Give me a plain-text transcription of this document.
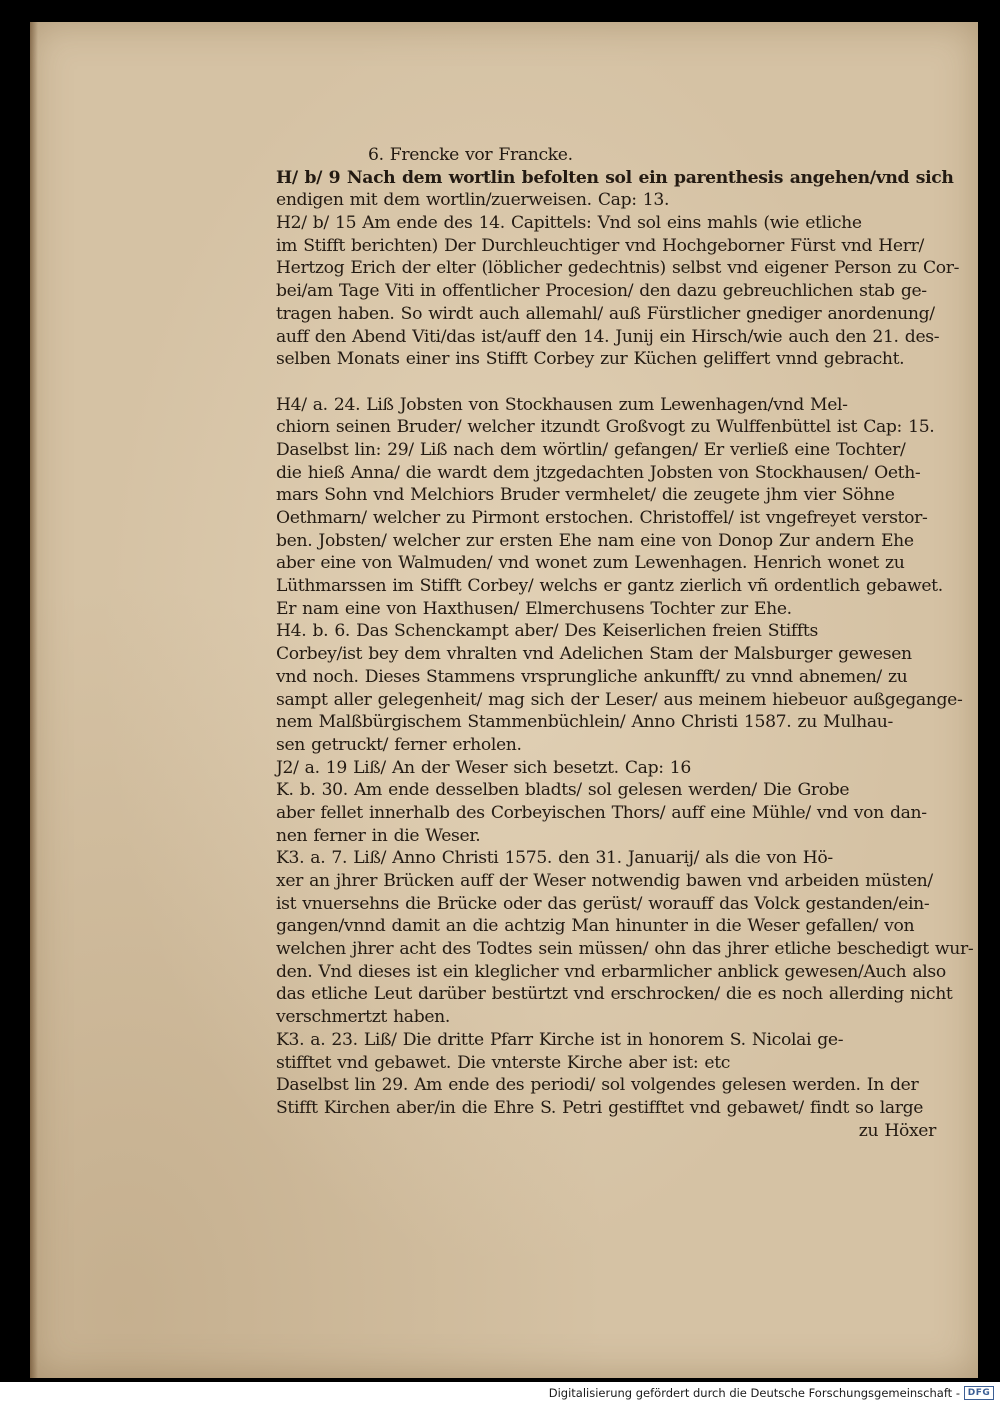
6. Frencke vor Francke.
H/ b/ 9 Nach dem wortlin befolten sol ein parenthesis angehen/vnd sich
endigen mit dem wortlin/zuerweisen. Cap: 13.
H2/ b/ 15 Am ende des 14. Capittels: Vnd sol eins mahls (wie etliche
im Stifft berichten) Der Durchleuchtiger vnd Hochgeborner Fürst vnd Herr/
Hertzog Erich der elter (löblicher gedechtnis) selbst vnd eigener Person zu Cor-
bei/am Tage Viti in offentlicher Procesion/ den dazu gebreuchlichen stab ge-
tragen haben. So wirdt auch allemahl/ auß Fürstlicher gnediger anordenung/
auff den Abend Viti/das ist/auff den 14. Junij ein Hirsch/wie auch den 21. des-
selben Monats einer ins Stifft Corbey zur Küchen geliffert vnnd gebracht.
H4/ a. 24. Liß Jobsten von Stockhausen zum Lewenhagen/vnd Mel-
chiorn seinen Bruder/ welcher itzundt Großvogt zu Wulffenbüttel ist Cap: 15.
Daselbst lin: 29/ Liß nach dem wörtlin/ gefangen/ Er verließ eine Tochter/
die hieß Anna/ die wardt dem jtzgedachten Jobsten von Stockhausen/ Oeth-
mars Sohn vnd Melchiors Bruder vermhelet/ die zeugete jhm vier Söhne
Oethmarn/ welcher zu Pirmont erstochen. Christoffel/ ist vngefreyet verstor-
ben. Jobsten/ welcher zur ersten Ehe nam eine von Donop Zur andern Ehe
aber eine von Walmuden/ vnd wonet zum Lewenhagen. Henrich wonet zu
Lüthmarssen im Stifft Corbey/ welchs er gantz zierlich vñ ordentlich gebawet.
Er nam eine von Haxthusen/ Elmerchusens Tochter zur Ehe.
H4. b. 6. Das Schenckampt aber/ Des Keiserlichen freien Stiffts
Corbey/ist bey dem vhralten vnd Adelichen Stam der Malsburger gewesen
vnd noch. Dieses Stammens vrsprungliche ankunfft/ zu vnnd abnemen/ zu
sampt aller gelegenheit/ mag sich der Leser/ aus meinem hiebeuor außgegange-
nem Malßbürgischem Stammenbüchlein/ Anno Christi 1587. zu Mulhau-
sen getruckt/ ferner erholen.
J2/ a. 19 Liß/ An der Weser sich besetzt. Cap: 16
K. b. 30. Am ende desselben bladts/ sol gelesen werden/ Die Grobe
aber fellet innerhalb des Corbeyischen Thors/ auff eine Mühle/ vnd von dan-
nen ferner in die Weser.
K3. a. 7. Liß/ Anno Christi 1575. den 31. Januarij/ als die von Hö-
xer an jhrer Brücken auff der Weser notwendig bawen vnd arbeiden müsten/
ist vnuersehns die Brücke oder das gerüst/ worauff das Volck gestanden/ein-
gangen/vnnd damit an die achtzig Man hinunter in die Weser gefallen/ von
welchen jhrer acht des Todtes sein müssen/ ohn das jhrer etliche beschedigt wur-
den. Vnd dieses ist ein kleglicher vnd erbarmlicher anblick gewesen/Auch also
das etliche Leut darüber bestürtzt vnd erschrocken/ die es noch allerding nicht
verschmertzt haben.
K3. a. 23. Liß/ Die dritte Pfarr Kirche ist in honorem S. Nicolai ge-
stifftet vnd gebawet. Die vnterste Kirche aber ist: etc
Daselbst lin 29. Am ende des periodi/ sol volgendes gelesen werden. In der
Stifft Kirchen aber/in die Ehre S. Petri gestifftet vnd gebawet/ findt so large
zu Höxer
Digitalisierung gefördert durch die Deutsche Forschungsgemeinschaft - DFG
